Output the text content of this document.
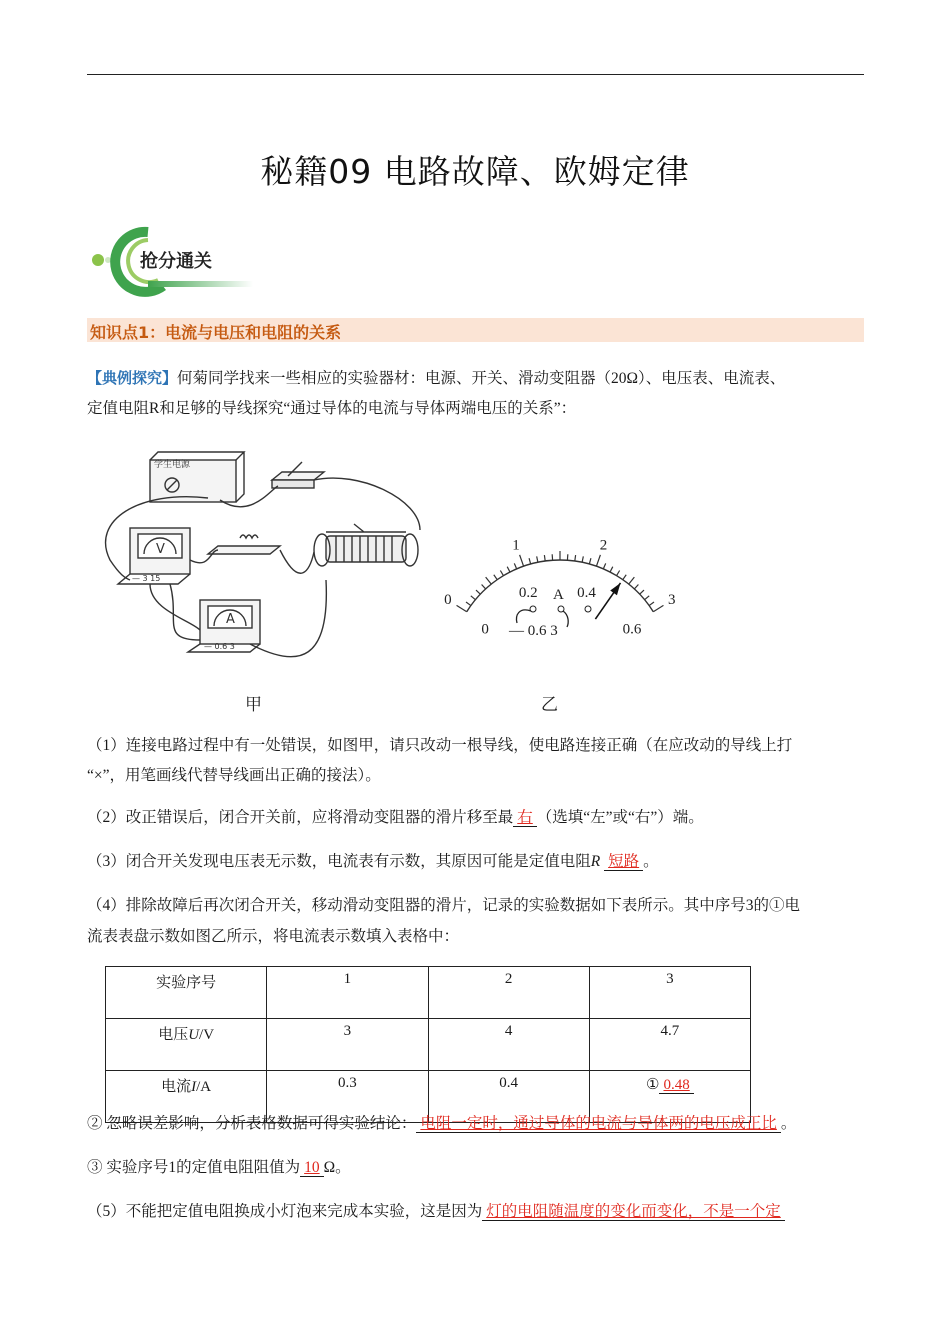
秘籍09 电路故障、欧姆定律
抢分通关
知识点1：电流与电压和电阻的关系
【典例探究】何菊同学找来一些相应的实验器材：电源、开关、滑动变阻器（20Ω）、电压表、电流表、
定值电阻R和足够的导线探究“通过导体的电流与导体两端电压的关系”：
学生电源
V
A
— 3 15
— 0.6 3
0
1	2
3
0
0.2	0.4
0.6
A
— 0.6 3
甲	乙
（1）连接电路过程中有一处错误，如图甲，请只改动一根导线，使电路连接正确（在应改动的导线上打
“×”，用笔画线代替导线画出正确的接法）。
（2）改正错误后，闭合开关前，应将滑动变阻器的滑片移至最 右 （选填“左”或“右”）端。
（3）闭合开关发现电压表无示数，电流表有示数，其原因可能是定值电阻R 短路 。
（4）排除故障后再次闭合开关，移动滑动变阻器的滑片，记录的实验数据如下表所示。其中序号3的①电
流表表盘示数如图乙所示，将电流表示数填入表格中：
实验序号	1	2	3
电压U/V	3	4	4.7
电流I/A	0.3	0.4	① 0.48
② 忽略误差影响，分析表格数据可得实验结论： 电阻一定时，通过导体的电流与导体两的电压成正比 。
③ 实验序号1的定值电阻阻值为 10 Ω。
（5）不能把定值电阻换成小灯泡来完成本实验，这是因为 灯的电阻随温度的变化而变化，不是一个定
